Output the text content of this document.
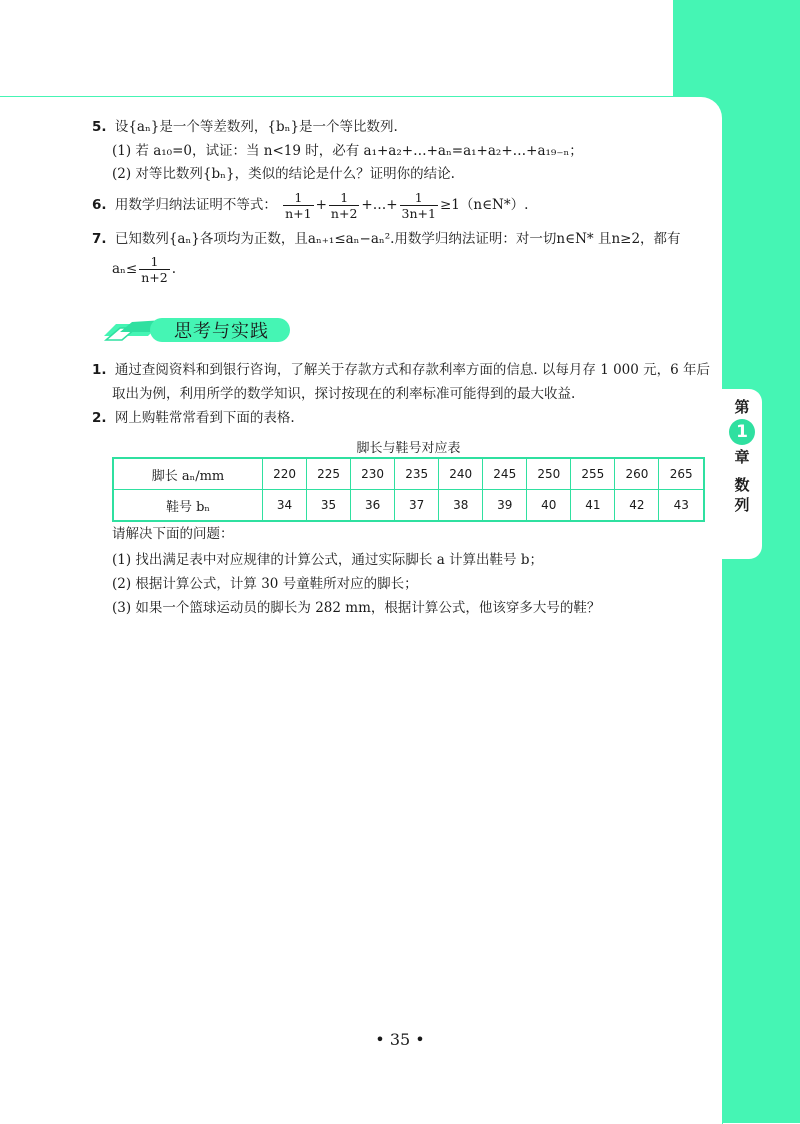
第
1
章
数
列
5. 设{aₙ}是一个等差数列，{bₙ}是一个等比数列.
(1) 若 a₁₀=0，试证：当 n<19 时，必有 a₁+a₂+…+aₙ=a₁+a₂+…+a₁₉₋ₙ；
(2) 对等比数列{bₙ}，类似的结论是什么？证明你的结论.
6. 用数学归纳法证明不等式： $\frac{1}{n+1} + \frac{1}{n+2}$ +…+ $\frac{1}{3n+1}$ ≥1（n∈N*）.
7. 已知数列{aₙ}各项均为正数，且aₙ₊₁≤aₙ−aₙ².用数学归纳法证明：对一切n∈N* 且n≥2，都有
$a_n\le \frac{1}{n+2}$ .
思考与实践
1. 通过查阅资料和到银行咨询，了解关于存款方式和存款利率方面的信息. 以每月存 1 000 元，6 年后
取出为例，利用所学的数学知识，探讨按现在的利率标准可能得到的最大收益.
2. 网上购鞋常常看到下面的表格.
脚长与鞋号对应表
脚长 aₙ/mm	220	225	230	235	240	245	250	255	260	265
鞋号 bₙ	34	35	36	37	38	39	40	41	42	43
请解决下面的问题：
(1) 找出满足表中对应规律的计算公式，通过实际脚长 a 计算出鞋号 b；
(2) 根据计算公式，计算 30 号童鞋所对应的脚长；
(3) 如果一个篮球运动员的脚长为 282 mm，根据计算公式，他该穿多大号的鞋？
• 35 •
